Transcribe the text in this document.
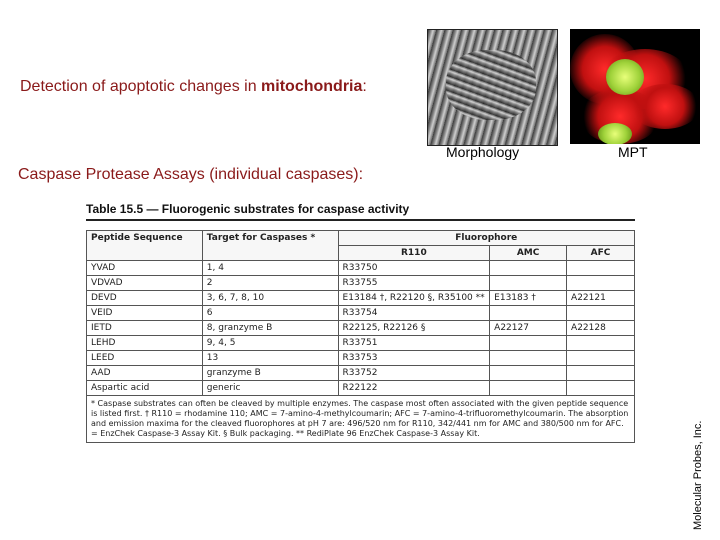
Detection of apoptotic changes in mitochondria:
Morphology	MPT
Caspase Protease Assays (individual caspases):
Table 15.5 — Fluorogenic substrates for caspase activity
Peptide Sequence	Target for Caspases *	Fluorophore		
		R110	AMC	AFC
YVAD	1, 4	R33750		
VDVAD	2	R33755		
DEVD	3, 6, 7, 8, 10	E13184 †, R22120 §, R35100 **	E13183 †	A22121
VEID	6	R33754		
IETD	8, granzyme B	R22125, R22126 §	A22127	A22128
LEHD	9, 4, 5	R33751		
LEED	13	R33753		
AAD	granzyme B	R33752		
Aspartic acid	generic	R22122		
* Caspase substrates can often be cleaved by multiple enzymes. The caspase most often associated with the given peptide sequence is listed first. † R110 = rhodamine 110; AMC = 7-amino-4-methylcoumarin; AFC = 7-amino-4-trifluoromethylcoumarin. The absorption and emission maxima for the cleaved fluorophores at pH 7 are: 496/520 nm for R110, 342/441 nm for AMC and 380/500 nm for AFC. = EnzChek Caspase-3 Assay Kit. § Bulk packaging. ** RediPlate 96 EnzChek Caspase-3 Assay Kit.	Molecular Probes, Inc.
